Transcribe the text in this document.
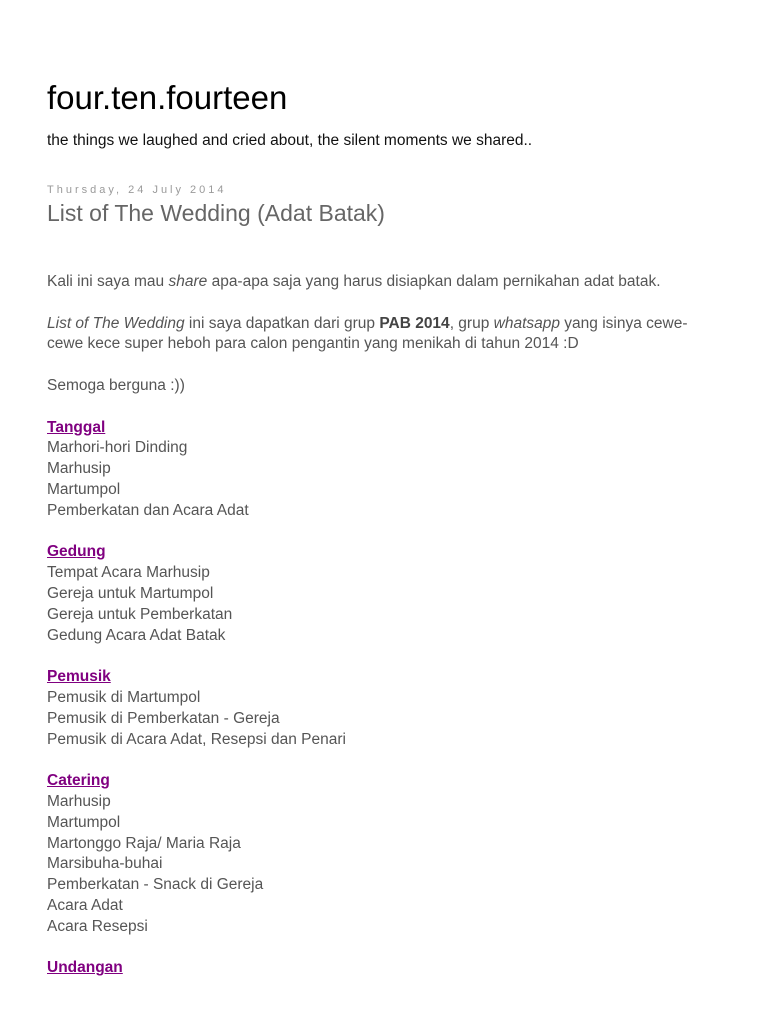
four.ten.fourteen
the things we laughed and cried about, the silent moments we shared..
Thursday, 24 July 2014
List of The Wedding (Adat Batak)

Kali ini saya mau share apa-apa saja yang harus disiapkan dalam pernikahan adat batak.

List of The Wedding ini saya dapatkan dari grup PAB 2014, grup whatsapp yang isinya cewe-cewe kece super heboh para calon pengantin yang menikah di tahun 2014 :D

Semoga berguna :))

Tanggal

Marhori-hori Dinding

Marhusip

Martumpol

Pemberkatan dan Acara Adat

Gedung

Tempat Acara Marhusip

Gereja untuk Martumpol

Gereja untuk Pemberkatan

Gedung Acara Adat Batak

Pemusik

Pemusik di Martumpol

Pemusik di Pemberkatan - Gereja

Pemusik di Acara Adat, Resepsi dan Penari

Catering

Marhusip

Martumpol

Martonggo Raja/ Maria Raja

Marsibuha-buhai

Pemberkatan - Snack di Gereja

Acara Adat

Acara Resepsi

Undangan
